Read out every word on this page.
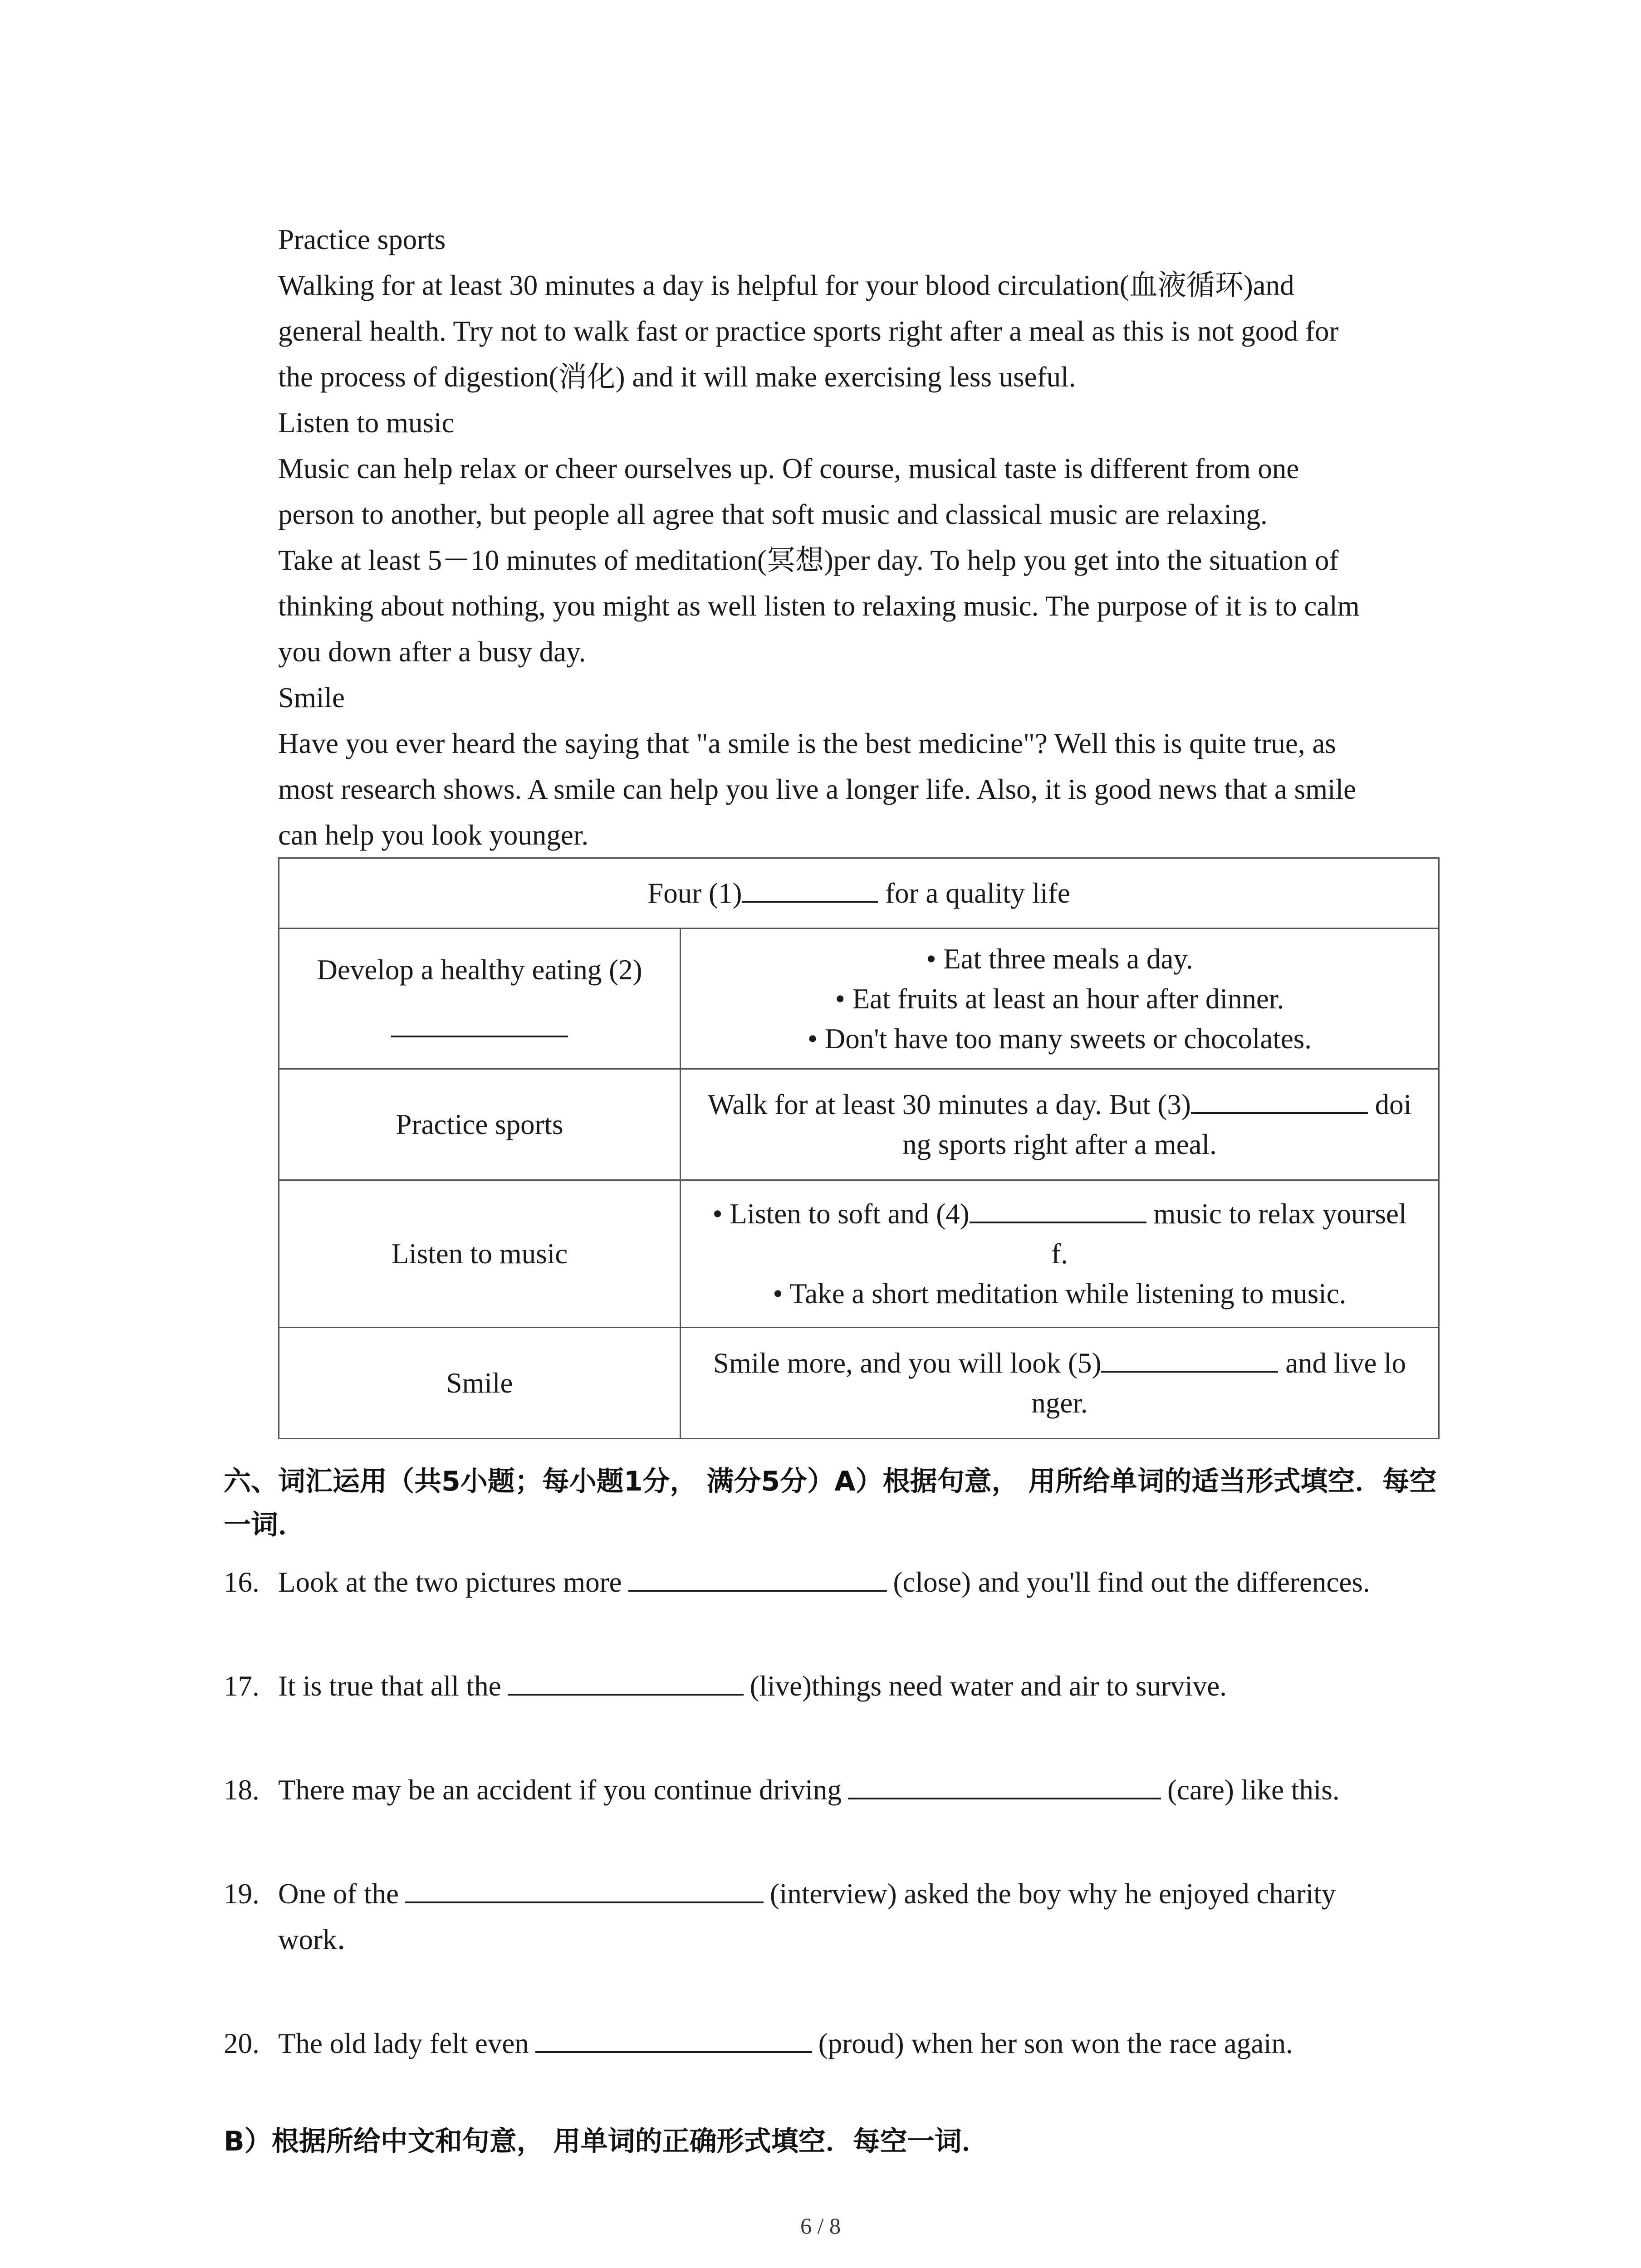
Practice sports

Walking for at least 30 minutes a day is helpful for your blood circulation(血液循环)and

general health. Try not to walk fast or practice sports right after a meal as this is not good for

the process of digestion(消化) and it will make exercising less useful.

Listen to music

Music can help relax or cheer ourselves up. Of course, musical taste is different from one

person to another, but people all agree that soft music and classical music are relaxing.

Take at least 5－10 minutes of meditation(冥想)per day. To help you get into the situation of

thinking about nothing, you might as well listen to relaxing music. The purpose of it is to calm

you down after a busy day.

Smile

Have you ever heard the saying that "a smile is the best medicine"? Well this is quite true, as

most research shows. A smile can help you live a longer life. Also, it is good news that a smile

can help you look younger.

Four (1) for a quality life	

Develop a healthy eating (2)	• Eat three meals a day.
• Eat fruits at least an hour after dinner.
• Don't have too many sweets or chocolates.

Practice sports	Walk for at least 30 minutes a day. But (3) doi
ng sports right after a meal.

Listen to music	• Listen to soft and (4) music to relax yoursel
f.
• Take a short meditation while listening to music.

Smile	Smile more, and you will look (5) and live lo
nger.
六、词汇运用（共5小题；每小题1分， 满分5分）A）根据句意， 用所给单词的适当形式填空．每空一词．
16. Look at the two pictures more	(close) and you'll find out the differences.
17. It is true that all the	(live)things need water and air to survive.
18. There may be an accident if you continue driving	(care) like this.
19. One of the	(interview) asked the boy why he enjoyed charity
work．
20. The old lady felt even	(proud) when her son won the race again.
B）根据所给中文和句意， 用单词的正确形式填空．每空一词．
6 / 8
